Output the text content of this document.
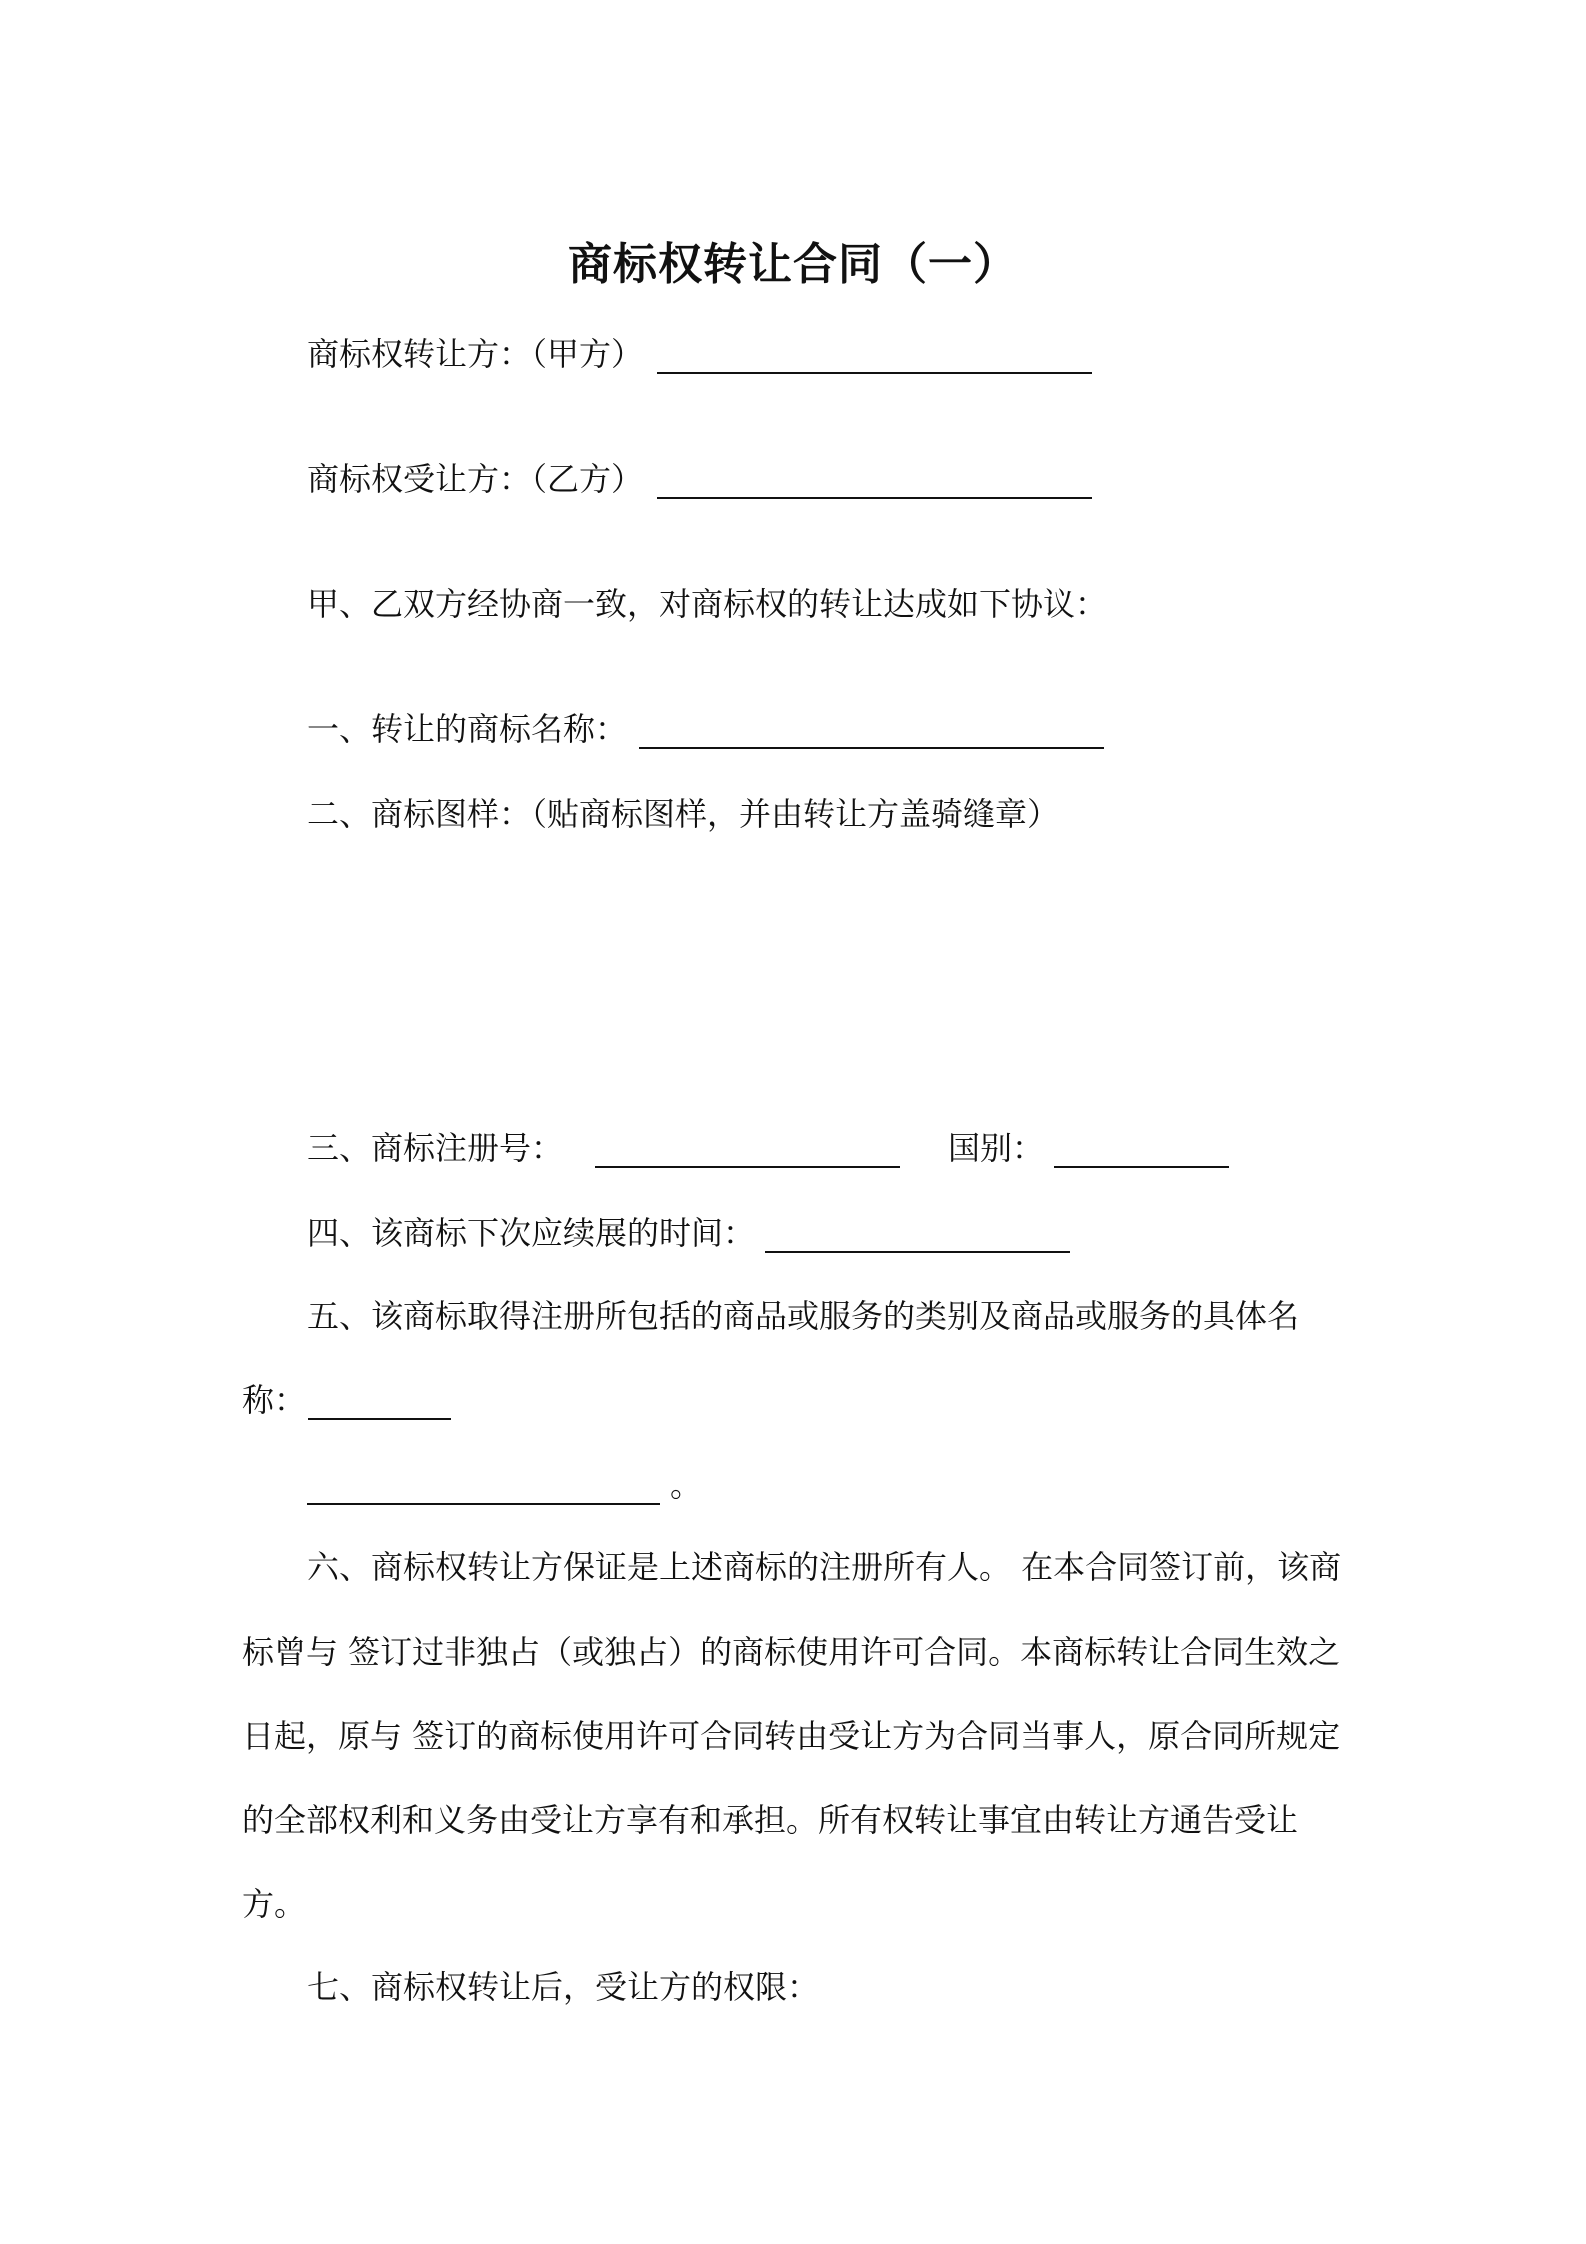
商标权转让合同（一）
商标权转让方：（甲方）
商标权受让方：（乙方）
甲、乙双方经协商一致，对商标权的转让达成如下协议：
一、转让的商标名称：
二、商标图样：（贴商标图样，并由转让方盖骑缝章）
三、商标注册号：	国别：
四、该商标下次应续展的时间：
五、该商标取得注册所包括的商品或服务的类别及商品或服务的具体名
称：
。
六、商标权转让方保证是上述商标的注册所有人。 在本合同签订前，该商
标曾与 签订过非独占（或独占）的商标使用许可合同。本商标转让合同生效之
日起，原与 签订的商标使用许可合同转由受让方为合同当事人，原合同所规定
的全部权利和义务由受让方享有和承担。所有权转让事宜由转让方通告受让
方。
七、商标权转让后，受让方的权限：
